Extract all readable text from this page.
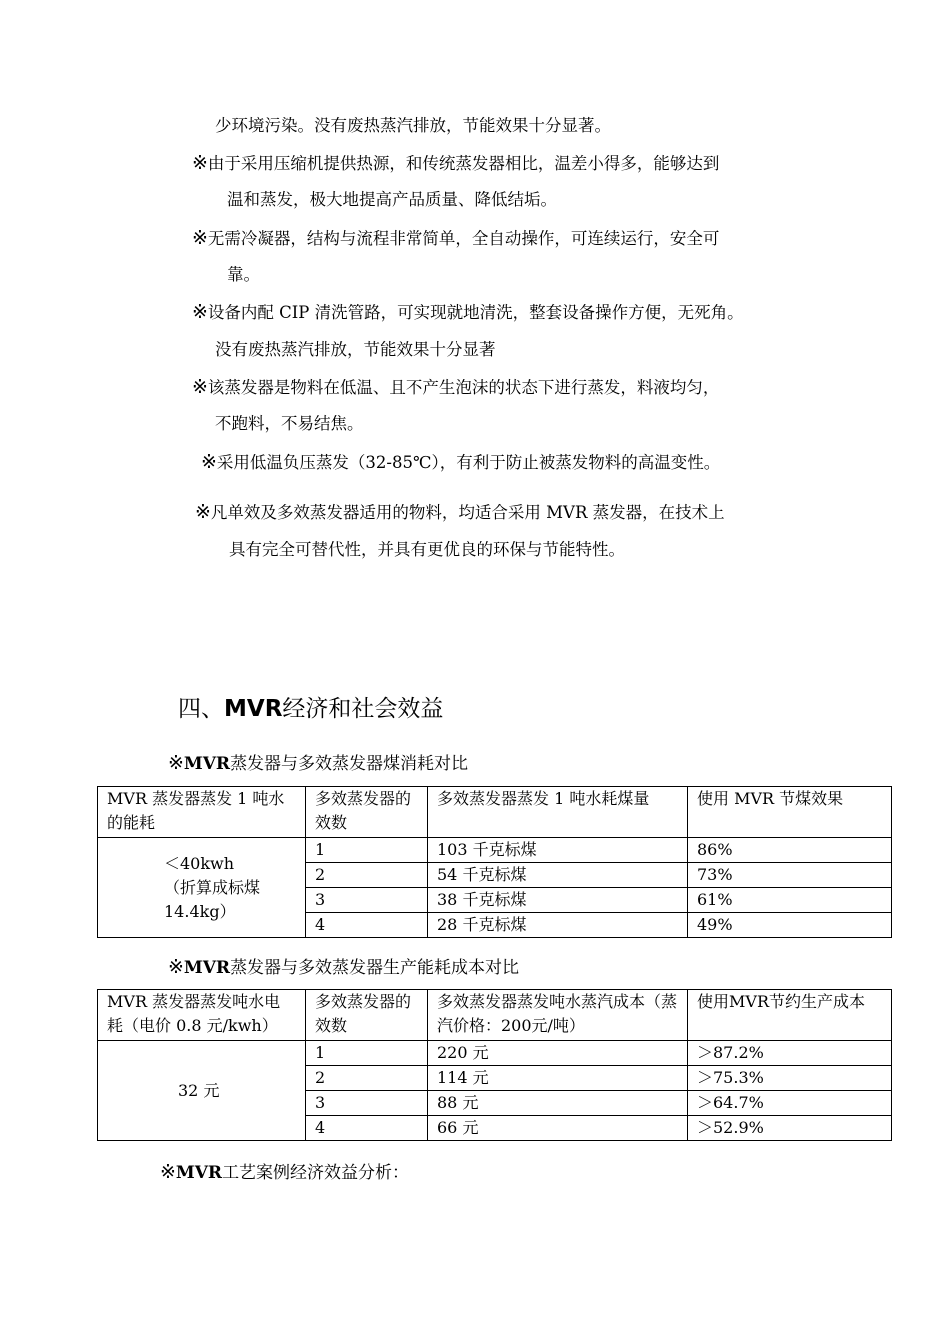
少环境污染。没有废热蒸汽排放，节能效果十分显著。
※由于采用压缩机提供热源，和传统蒸发器相比，温差小得多，能够达到
温和蒸发，极大地提高产品质量、降低结垢。
※无需冷凝器，结构与流程非常简单，全自动操作，可连续运行，安全可
靠。
※设备内配 CIP 清洗管路，可实现就地清洗，整套设备操作方便，无死角。
没有废热蒸汽排放，节能效果十分显著
※该蒸发器是物料在低温、且不产生泡沫的状态下进行蒸发，料液均匀，
不跑料，不易结焦。
※采用低温负压蒸发（32-85℃），有利于防止被蒸发物料的高温变性。
※凡单效及多效蒸发器适用的物料，均适合采用 MVR 蒸发器，在技术上
具有完全可替代性，并具有更优良的环保与节能特性。
四、MVR经济和社会效益
※MVR蒸发器与多效蒸发器煤消耗对比
MVR 蒸发器蒸发 1 吨水的能耗	多效蒸发器的效数	多效蒸发器蒸发 1 吨水耗煤量	使用 MVR 节煤效果

＜40kwh
（折算成标煤
14.4kg）	1	103 千克标煤	86%
	2	54 千克标煤	73%
	3	38 千克标煤	61%
	4	28 千克标煤	49%
※MVR蒸发器与多效蒸发器生产能耗成本对比
MVR 蒸发器蒸发吨水电耗（电价 0.8 元/kwh）	多效蒸发器的效数	多效蒸发器蒸发吨水蒸汽成本（蒸汽价格：200元/吨）	使用MVR节约生产成本
32 元	1	220 元	＞87.2%
	2	114 元	＞75.3%
	3	88 元	＞64.7%
	4	66 元	＞52.9%
※MVR工艺案例经济效益分析：
